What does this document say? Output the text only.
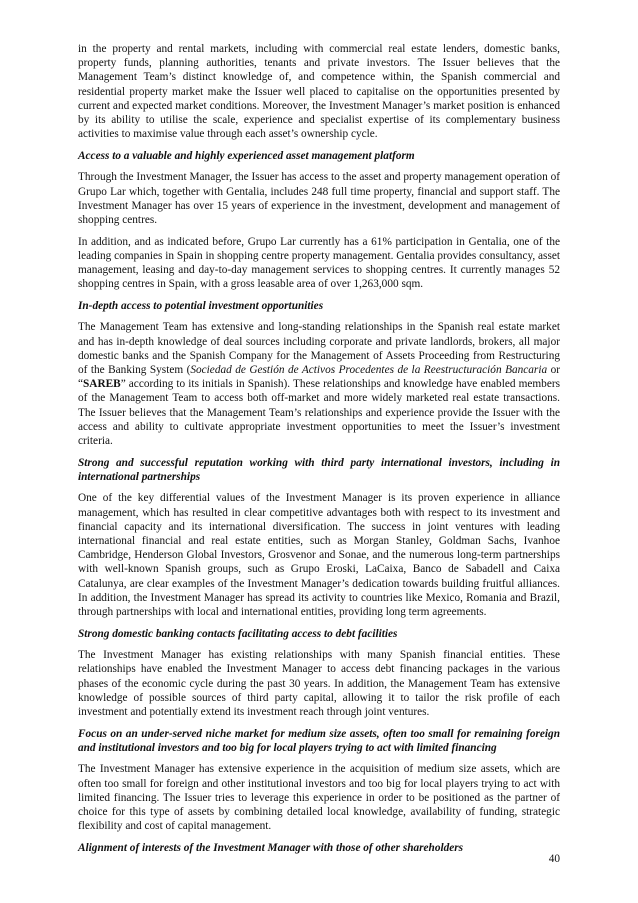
in the property and rental markets, including with commercial real estate lenders, domestic banks, property funds, planning authorities, tenants and private investors. The Issuer believes that the Management Team’s distinct knowledge of, and competence within, the Spanish commercial and residential property market make the Issuer well placed to capitalise on the opportunities presented by current and expected market conditions. Moreover, the Investment Manager’s market position is enhanced by its ability to utilise the scale, experience and specialist expertise of its complementary business activities to maximise value through each asset’s ownership cycle.

Access to a valuable and highly experienced asset management platform

Through the Investment Manager, the Issuer has access to the asset and property management operation of Grupo Lar which, together with Gentalia, includes 248 full time property, financial and support staff. The Investment Manager has over 15 years of experience in the investment, development and management of shopping centres.

In addition, and as indicated before, Grupo Lar currently has a 61% participation in Gentalia, one of the leading companies in Spain in shopping centre property management. Gentalia provides consultancy, asset management, leasing and day-to-day management services to shopping centres. It currently manages 52 shopping centres in Spain, with a gross leasable area of over 1,263,000 sqm.

In-depth access to potential investment opportunities

The Management Team has extensive and long-standing relationships in the Spanish real estate market and has in-depth knowledge of deal sources including corporate and private landlords, brokers, all major domestic banks and the Spanish Company for the Management of Assets Proceeding from Restructuring of the Banking System (Sociedad de Gestión de Activos Procedentes de la Reestructuración Bancaria or “SAREB” according to its initials in Spanish). These relationships and knowledge have enabled members of the Management Team to access both off-market and more widely marketed real estate transactions. The Issuer believes that the Management Team’s relationships and experience provide the Issuer with the access and ability to cultivate appropriate investment opportunities to meet the Issuer’s investment criteria.

Strong and successful reputation working with third party international investors, including in international partnerships

One of the key differential values of the Investment Manager is its proven experience in alliance management, which has resulted in clear competitive advantages both with respect to its investment and financial capacity and its international diversification. The success in joint ventures with leading international financial and real estate entities, such as Morgan Stanley, Goldman Sachs, Ivanhoe Cambridge, Henderson Global Investors, Grosvenor and Sonae, and the numerous long-term partnerships with well-known Spanish groups, such as Grupo Eroski, LaCaixa, Banco de Sabadell and Caixa Catalunya, are clear examples of the Investment Manager’s dedication towards building fruitful alliances. In addition, the Investment Manager has spread its activity to countries like Mexico, Romania and Brazil, through partnerships with local and international entities, providing long term agreements.

Strong domestic banking contacts facilitating access to debt facilities

The Investment Manager has existing relationships with many Spanish financial entities. These relationships have enabled the Investment Manager to access debt financing packages in the various phases of the economic cycle during the past 30 years. In addition, the Management Team has extensive knowledge of possible sources of third party capital, allowing it to tailor the risk profile of each investment and potentially extend its investment reach through joint ventures.

Focus on an under-served niche market for medium size assets, often too small for remaining foreign and institutional investors and too big for local players trying to act with limited financing

The Investment Manager has extensive experience in the acquisition of medium size assets, which are often too small for foreign and other institutional investors and too big for local players trying to act with limited financing. The Issuer tries to leverage this experience in order to be positioned as the partner of choice for this type of assets by combining detailed local knowledge, availability of funding, strategic flexibility and cost of capital management.

Alignment of interests of the Investment Manager with those of other shareholders
40
